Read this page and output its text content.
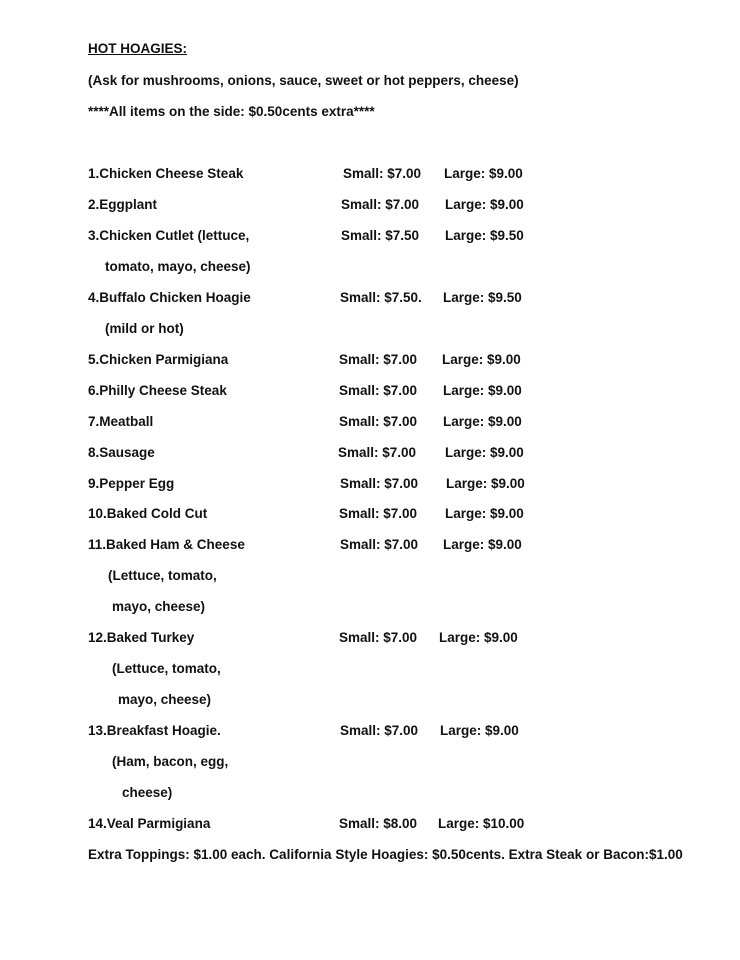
HOT HOAGIES:
(Ask for mushrooms, onions, sauce, sweet or hot peppers, cheese)
****All items on the side: $0.50cents extra****
1.Chicken Cheese Steak	Small: $7.00 Large: $9.00
2.Eggplant	Small: $7.00 Large: $9.00
3.Chicken Cutlet (lettuce,	Small: $7.50 Large: $9.50
tomato, mayo, cheese)
4.Buffalo Chicken Hoagie	Small: $7.50. Large: $9.50
(mild or hot)
5.Chicken Parmigiana	Small: $7.00 Large: $9.00
6.Philly Cheese Steak	Small: $7.00 Large: $9.00
7.Meatball	Small: $7.00 Large: $9.00
8.Sausage	Small: $7.00 Large: $9.00
9.Pepper Egg	Small: $7.00 Large: $9.00
10.Baked Cold Cut	Small: $7.00 Large: $9.00
11.Baked Ham & Cheese	Small: $7.00 Large: $9.00
(Lettuce, tomato,
mayo, cheese)
12.Baked Turkey	Small: $7.00 Large: $9.00
(Lettuce, tomato,
mayo, cheese)
13.Breakfast Hoagie.	Small: $7.00 Large: $9.00
(Ham, bacon, egg,
cheese)
14.Veal Parmigiana	Small: $8.00 Large: $10.00
Extra Toppings: $1.00 each. California Style Hoagies: $0.50cents. Extra Steak or Bacon:$1.00
